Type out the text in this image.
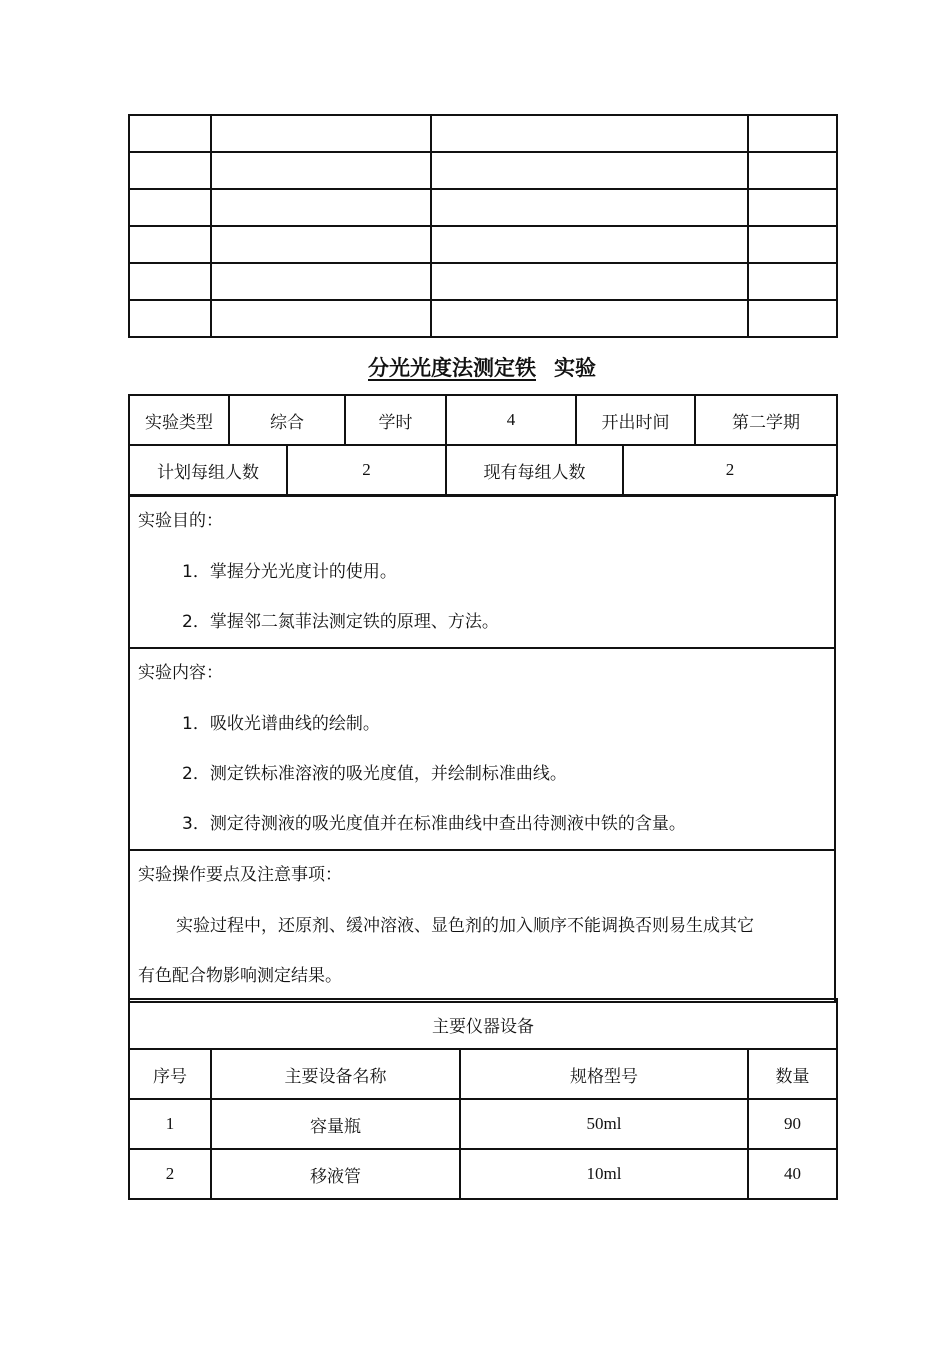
分光光度法测定铁 实验
实验类型	综合		学时	4	开出时间		第二学期
计划每组人数		2		现有每组人数		2	
实验目的：
1．掌握分光光度计的使用。
2．掌握邻二氮菲法测定铁的原理、方法。

实验内容：
1．吸收光谱曲线的绘制。
2．测定铁标准溶液的吸光度值，并绘制标准曲线。
3．测定待测液的吸光度值并在标准曲线中查出待测液中铁的含量。

实验操作要点及注意事项：
实验过程中，还原剂、缓冲溶液、显色剂的加入顺序不能调换否则易生成其它
有色配合物影响测定结果。
主要仪器设备			
序号	主要设备名称	规格型号	数量
1	容量瓶	50ml	90
2	移液管	10ml	40
